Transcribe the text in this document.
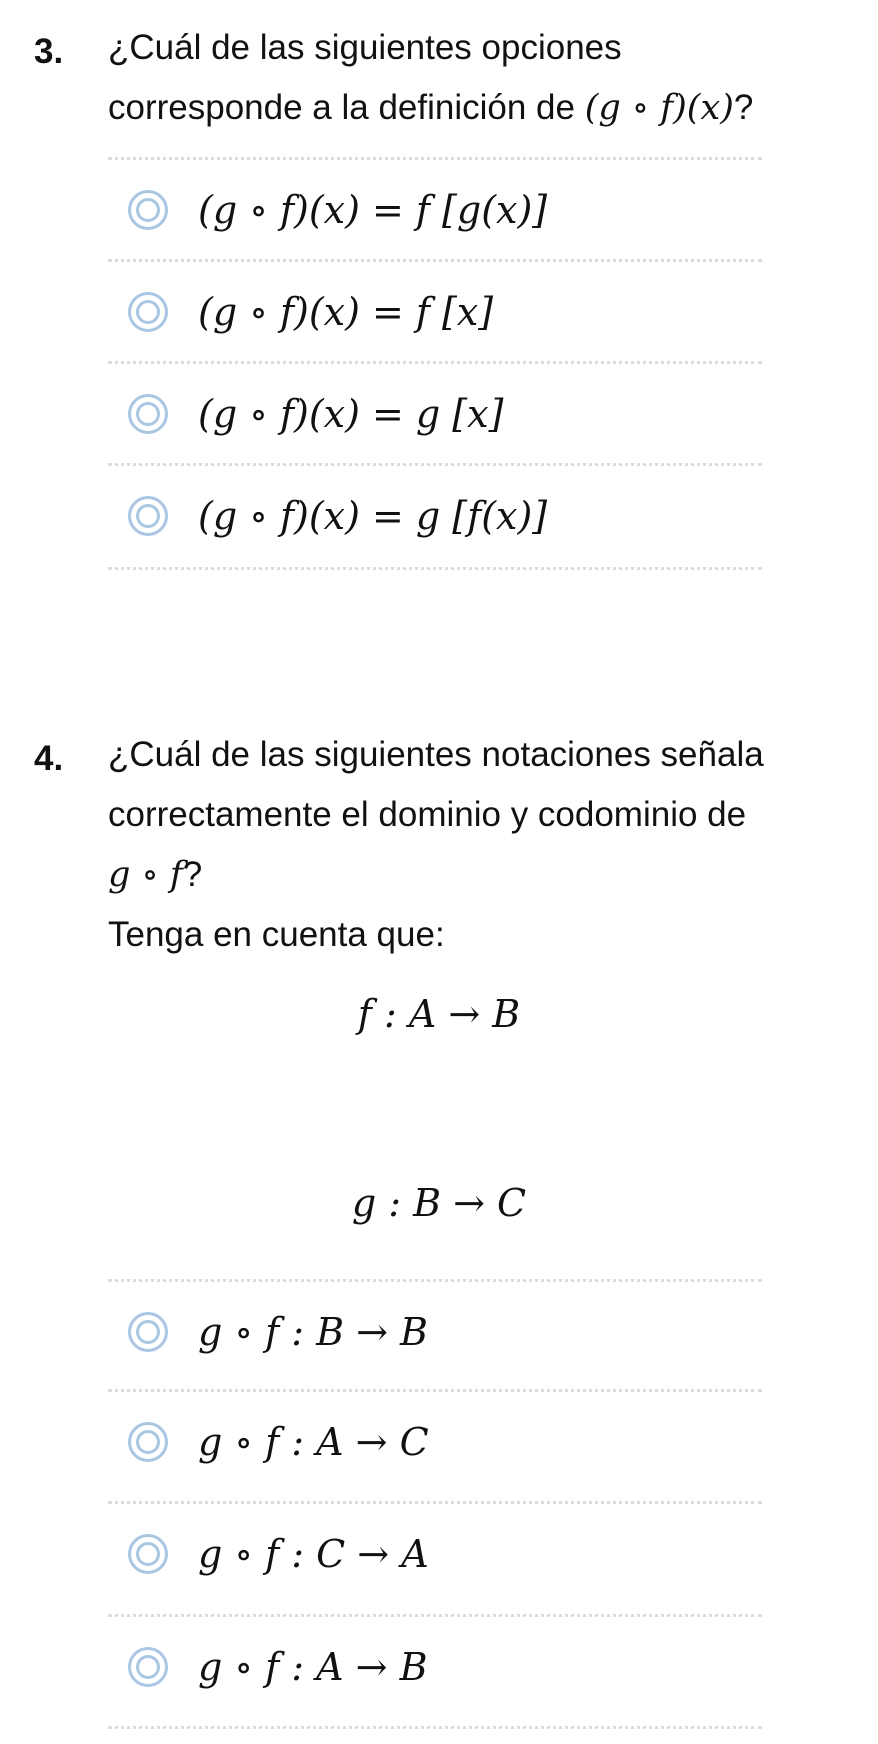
3. ¿Cuál de las siguientes opciones
corresponde a la definición de (g ∘ f)(x)?
(g ∘ f)(x) = f [g(x)]
(g ∘ f)(x) = f [x]
(g ∘ f)(x) = g [x]
(g ∘ f)(x) = g [f(x)]
4. ¿Cuál de las siguientes notaciones señala
correctamente el dominio y codominio de
g ∘ f?
Tenga en cuenta que:
f : A → B
g : B → C
g ∘ f : B → B
g ∘ f : A → C
g ∘ f : C → A
g ∘ f : A → B
